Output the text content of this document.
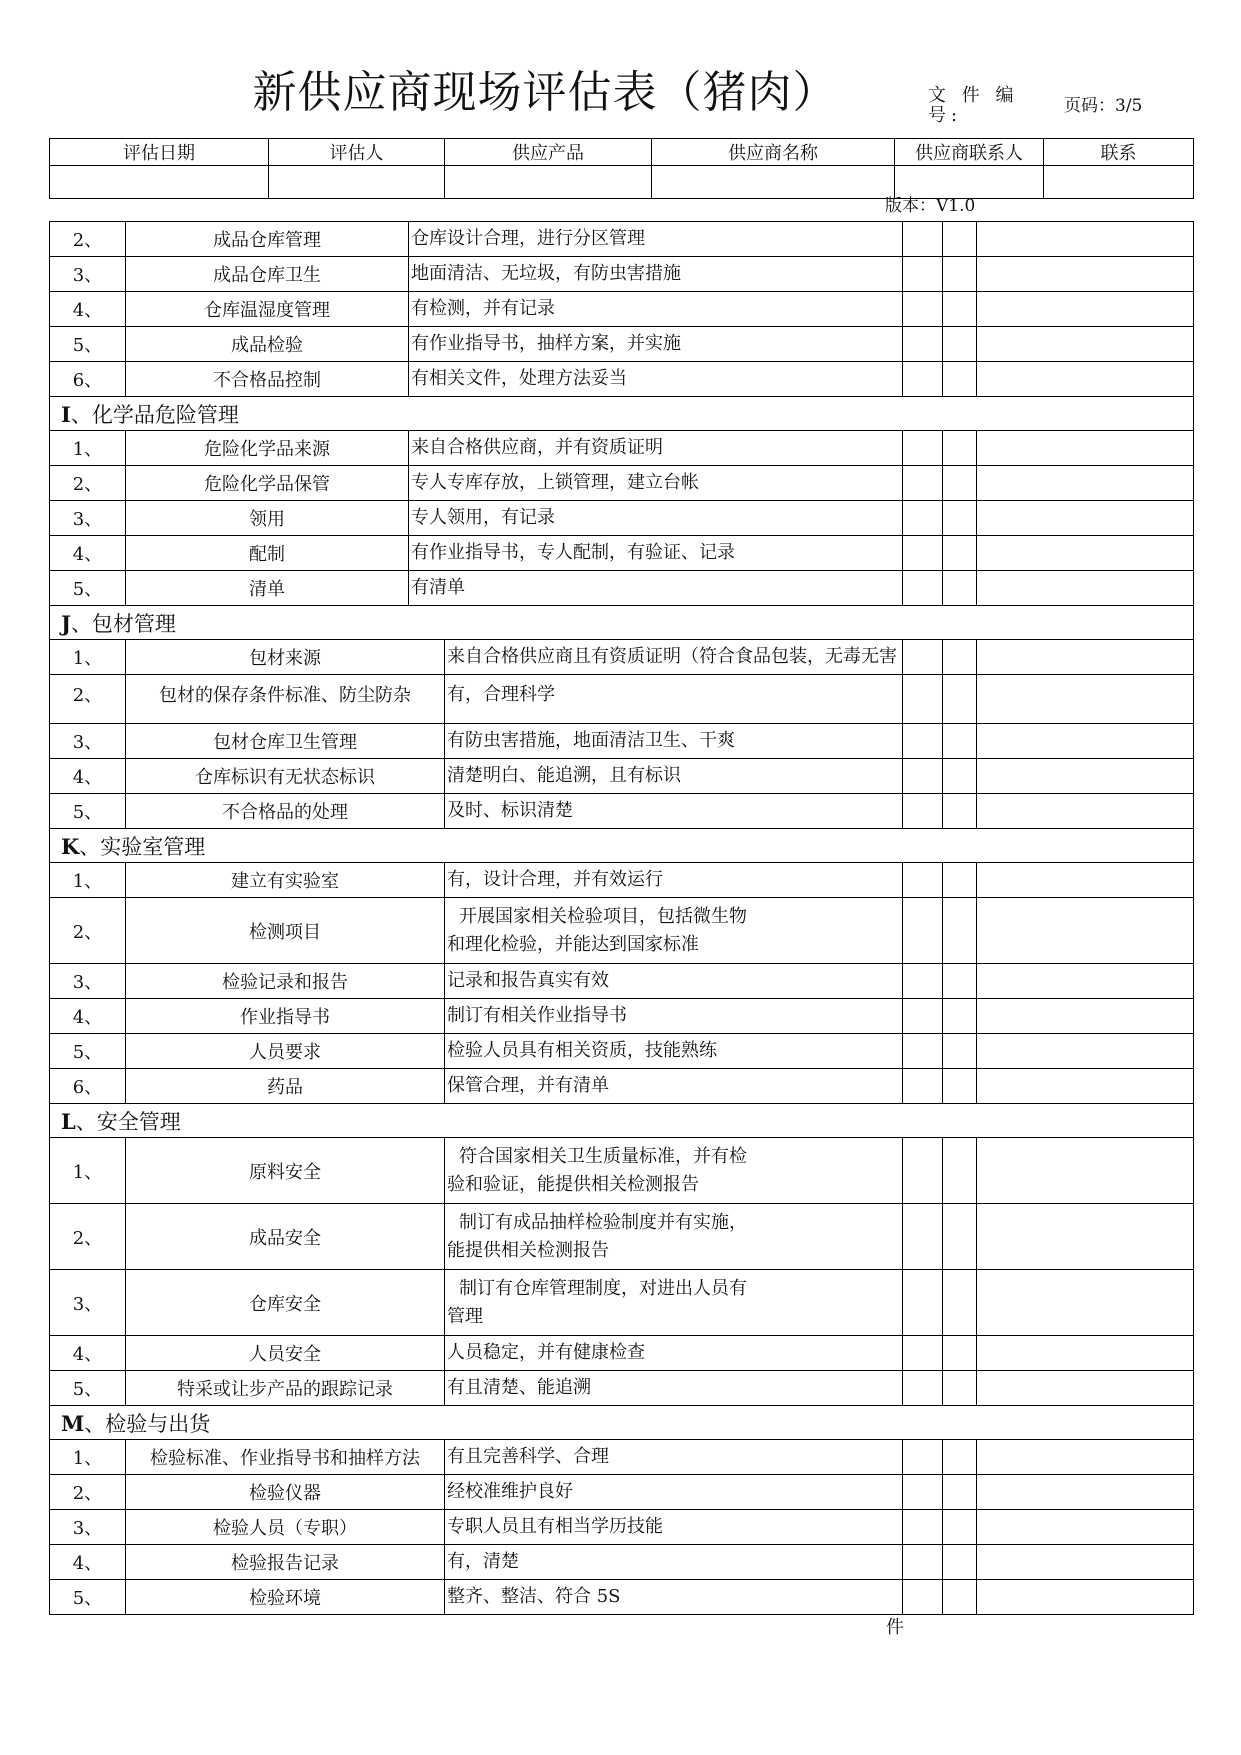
新供应商现场评估表（猪肉）	文 件 编
号:	页码：3/5
评估日期	评估人	供应产品	供应商名称	供应商联系人	联系

版本：V1.0
2、	成品仓库管理	仓库设计合理，进行分区管理			

3、	成品仓库卫生	地面清洁、无垃圾，有防虫害措施			

4、	仓库温湿度管理	有检测，并有记录			

5、	成品检验	有作业指导书，抽样方案，并实施			

6、	不合格品控制	有相关文件，处理方法妥当			

I、化学品危险管理					
1、	危险化学品来源	来自合格供应商，并有资质证明			

2、	危险化学品保管	专人专库存放，上锁管理，建立台帐			

3、	领用	专人领用，有记录			

4、	配制	有作业指导书，专人配制，有验证、记录			

5、	清单	有清单			

J、包材管理					
1、	包材来源	来自合格供应商且有资质证明（符合食品包装，无毒无害			

2、	包材的保存条件标准、防尘防杂	有，合理科学			

3、	包材仓库卫生管理	有防虫害措施，地面清洁卫生、干爽			

4、	仓库标识有无状态标识	清楚明白、能追溯，且有标识			

5、	不合格品的处理	及时、标识清楚			

K、实验室管理					
1、	建立有实验室	有，设计合理，并有效运行			

2、	检测项目	开展国家相关检验项目，包括微生物
和理化检验，并能达到国家标准			

3、	检验记录和报告	记录和报告真实有效			

4、	作业指导书	制订有相关作业指导书			

5、	人员要求	检验人员具有相关资质，技能熟练			

6、	药品	保管合理，并有清单			

L、安全管理					
1、	原料安全	符合国家相关卫生质量标准，并有检
验和验证，能提供相关检测报告			

2、	成品安全	制订有成品抽样检验制度并有实施，
能提供相关检测报告			

3、	仓库安全	制订有仓库管理制度，对进出人员有
管理			

4、	人员安全	人员稳定，并有健康检查			

5、	特采或让步产品的跟踪记录	有且清楚、能追溯			

M、检验与出货					
1、	检验标准、作业指导书和抽样方法	有且完善科学、合理			

2、	检验仪器	经校准维护良好			

3、	检验人员（专职）	专职人员且有相当学历技能			

4、	检验报告记录	有，清楚			

5、	检验环境	整齐、整洁、符合 5S			

件
